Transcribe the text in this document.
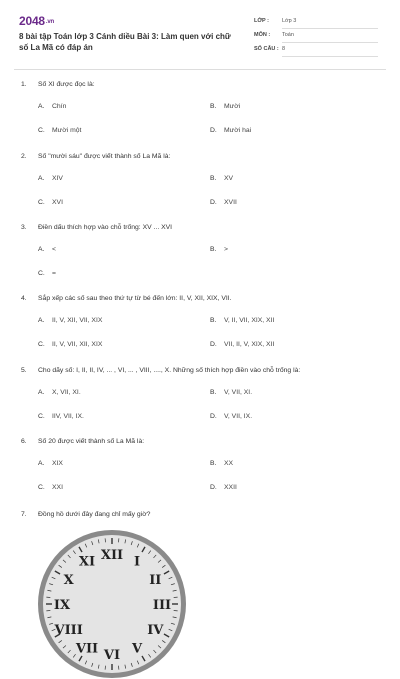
2048.vn
8 bài tập Toán lớp 3 Cánh diều Bài 3: Làm quen với chữ số La Mã có đáp án
LỚP : Lớp 3
MÔN : Toán
SỐ CÂU : 8
1. Số XI được đọc là:
A. Chín	B. Mười
C. Mười một	D. Mười hai
2. Số "mười sáu" được viết thành số La Mã là:
A. XIV	B. XV
C. XVI	D. XVII
3. Điền dấu thích hợp vào chỗ trống: XV ... XVI
A. <	B. >
C. =
4. Sắp xếp các số sau theo thứ tự từ bé đến lớn: II, V, XII, XIX, VII.
A. II, V, XII, VII, XIX	B. V, II, VII, XIX, XII
C. II, V, VII, XII, XIX	D. VII, II, V, XIX, XII
5. Cho dãy số: I, II, II, IV, ... , VI, ... , VIII, ...., X. Những số thích hợp điền vào chỗ trống là:
A. X, VII, XI.	B. V, VII, XI.
C. IIV, VII, IX.	D. V, VII, IX.
6. Số 20 được viết thành số La Mã là:
A. XIX	B. XX
C. XXI	D. XXII
7. Đồng hồ dưới đây đang chỉ mấy giờ?
XII I
II
III
IV
V
VI
VII
VIII
IX
X
XI
